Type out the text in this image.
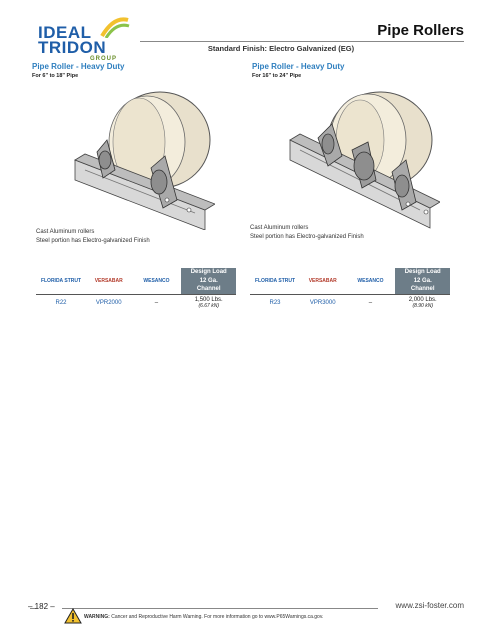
IDEAL
TRIDON
GROUP
Pipe Rollers
Standard Finish: Electro Galvanized (EG)
Pipe Roller - Heavy Duty
For 6" to 18" Pipe
Cast Aluminum rollers
Steel portion has Electro-galvanized Finish
FLORIDA STRUT	VERSABAR	WESANCO	Design Load
12 Ga.
Channel

R22	VPR2000	–	1,500 Lbs.
(6.67 kN)
Pipe Roller - Heavy Duty
For 16" to 24" Pipe
Cast Aluminum rollers
Steel portion has Electro-galvanized Finish
FLORIDA STRUT	VERSABAR	WESANCO	Design Load
12 Ga.
Channel

R23	VPR3000	–	2,000 Lbs.
(8.90 kN)
– 182 –	www.zsi-foster.com
WARNING: Cancer and Reproductive Harm Warning. For more information go to www.P65Warnings.ca.gov.
